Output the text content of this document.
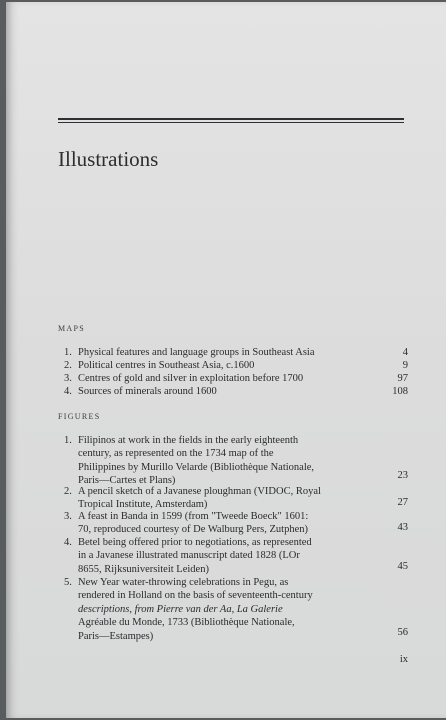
Illustrations
MAPS
1. Physical features and language groups in Southeast Asia	4
2. Political centres in Southeast Asia, c.1600	9
3. Centres of gold and silver in exploitation before 1700	97
4. Sources of minerals around 1600	108
FIGURES
1. Filipinos at work in the fields in the early eighteenth
century, as represented on the 1734 map of the
Philippines by Murillo Velarde (Bibliothèque Nationale,
Paris—Cartes et Plans)	23
2. A pencil sketch of a Javanese ploughman (VIDOC, Royal
Tropical Institute, Amsterdam)	27
3. A feast in Banda in 1599 (from "Tweede Boeck" 1601:
70, reproduced courtesy of De Walburg Pers, Zutphen)	43
4. Betel being offered prior to negotiations, as represented
in a Javanese illustrated manuscript dated 1828 (LOr
8655, Rijksuniversiteit Leiden)	45
5. New Year water-throwing celebrations in Pegu, as
rendered in Holland on the basis of seventeenth-century
descriptions, from Pierre van der Aa, La Galerie
Agréable du Monde, 1733 (Bibliothèque Nationale,
Paris—Estampes)	56
ix
